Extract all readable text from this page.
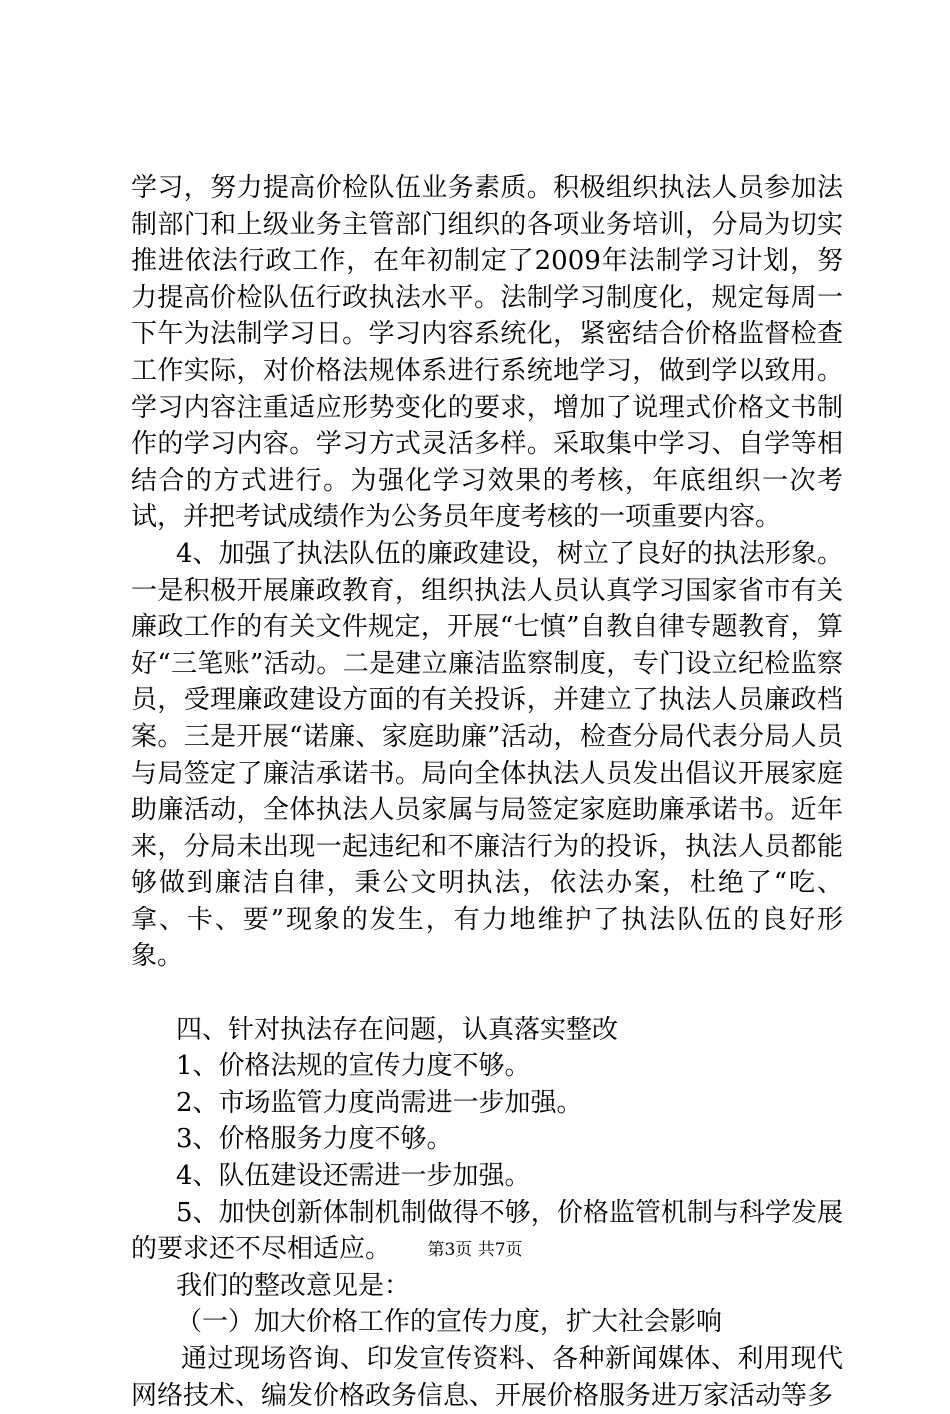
学习，努力提高价检队伍业务素质。积极组织执法人员参加法制部门和上级业务主管部门组织的各项业务培训，分局为切实推进依法行政工作，在年初制定了2009年法制学习计划，努力提高价检队伍行政执法水平。法制学习制度化，规定每周一下午为法制学习日。学习内容系统化，紧密结合价格监督检查工作实际，对价格法规体系进行系统地学习，做到学以致用。学习内容注重适应形势变化的要求，增加了说理式价格文书制作的学习内容。学习方式灵活多样。采取集中学习、自学等相结合的方式进行。为强化学习效果的考核，年底组织一次考试，并把考试成绩作为公务员年度考核的一项重要内容。

4、加强了执法队伍的廉政建设，树立了良好的执法形象。一是积极开展廉政教育，组织执法人员认真学习国家省市有关廉政工作的有关文件规定，开展“七慎”自教自律专题教育，算好“三笔账”活动。二是建立廉洁监察制度，专门设立纪检监察员，受理廉政建设方面的有关投诉，并建立了执法人员廉政档案。三是开展“诺廉、家庭助廉”活动，检查分局代表分局人员与局签定了廉洁承诺书。局向全体执法人员发出倡议开展家庭助廉活动，全体执法人员家属与局签定家庭助廉承诺书。近年来，分局未出现一起违纪和不廉洁行为的投诉，执法人员都能够做到廉洁自律，秉公文明执法，依法办案，杜绝了“吃、拿、卡、要”现象的发生，有力地维护了执法队伍的良好形象。

四、针对执法存在问题，认真落实整改

1、价格法规的宣传力度不够。

2、市场监管力度尚需进一步加强。

3、价格服务力度不够。

4、队伍建设还需进一步加强。

5、加快创新体制机制做得不够，价格监管机制与科学发展的要求还不尽相适应。

我们的整改意见是：

（一）加大价格工作的宣传力度，扩大社会影响

通过现场咨询、印发宣传资料、各种新闻媒体、利用现代网络技术、编发价格政务信息、开展价格服务进万家活动等多

第3页 共7页
